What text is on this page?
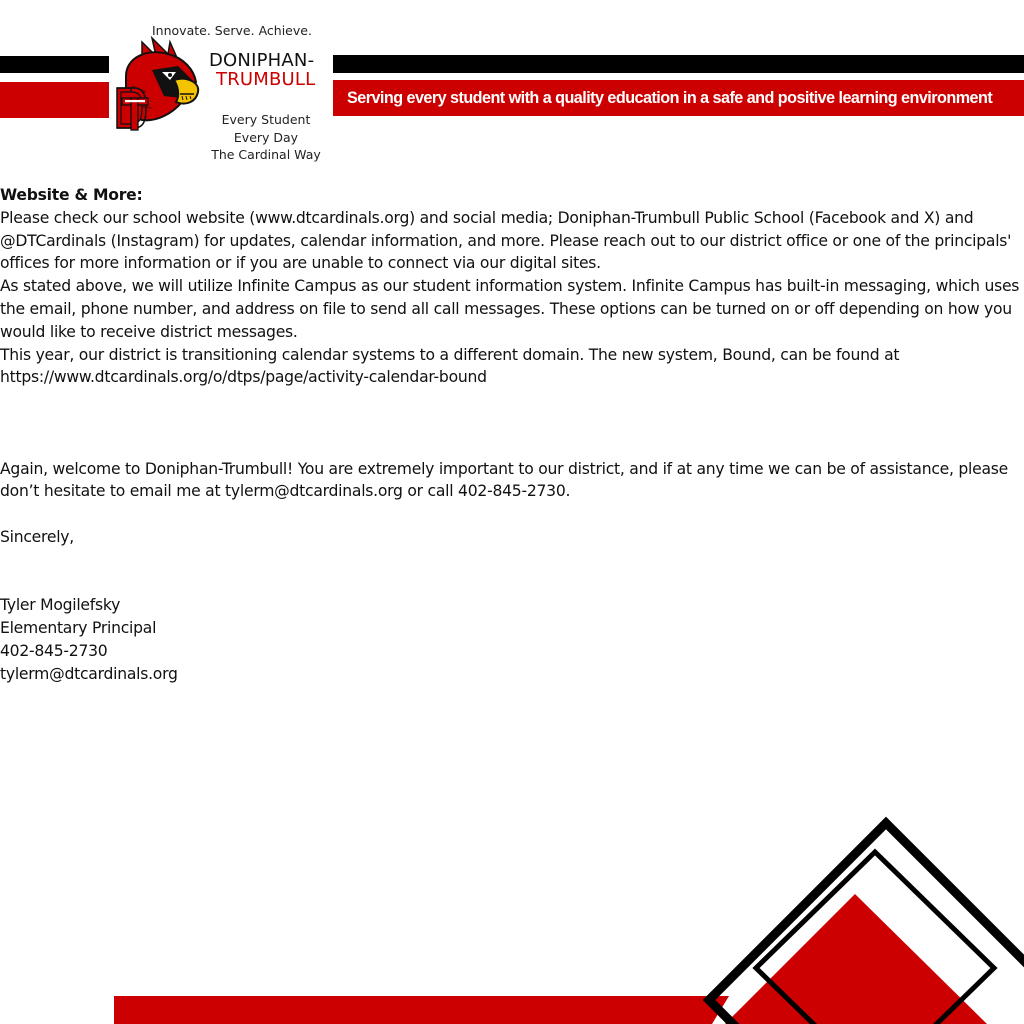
Serving every student with a quality education in a safe and positive learning environment
Innovate. Serve. Achieve.
DONIPHAN-
TRUMBULL
Every Student
Every Day
The Cardinal Way

Website & More:

Please check our school website (www.dtcardinals.org) and social media; Doniphan-Trumbull Public School (Facebook and X) and @DTCardinals (Instagram) for updates, calendar information, and more. Please reach out to our district office or one of the principals' offices for more information or if you are unable to connect via our digital sites.

As stated above, we will utilize Infinite Campus as our student information system. Infinite Campus has built-in messaging, which uses the email, phone number, and address on file to send all call messages. These options can be turned on or off depending on how you would like to receive district messages.

This year, our district is transitioning calendar systems to a different domain. The new system, Bound, can be found at https://www.dtcardinals.org/o/dtps/page/activity-calendar-bound

Again, welcome to Doniphan-Trumbull! You are extremely important to our district, and if at any time we can be of assistance, please don’t hesitate to email me at tylerm@dtcardinals.org or call 402-845-2730.

Sincerely,

Tyler Mogilefsky

Elementary Principal

402-845-2730

tylerm@dtcardinals.org
